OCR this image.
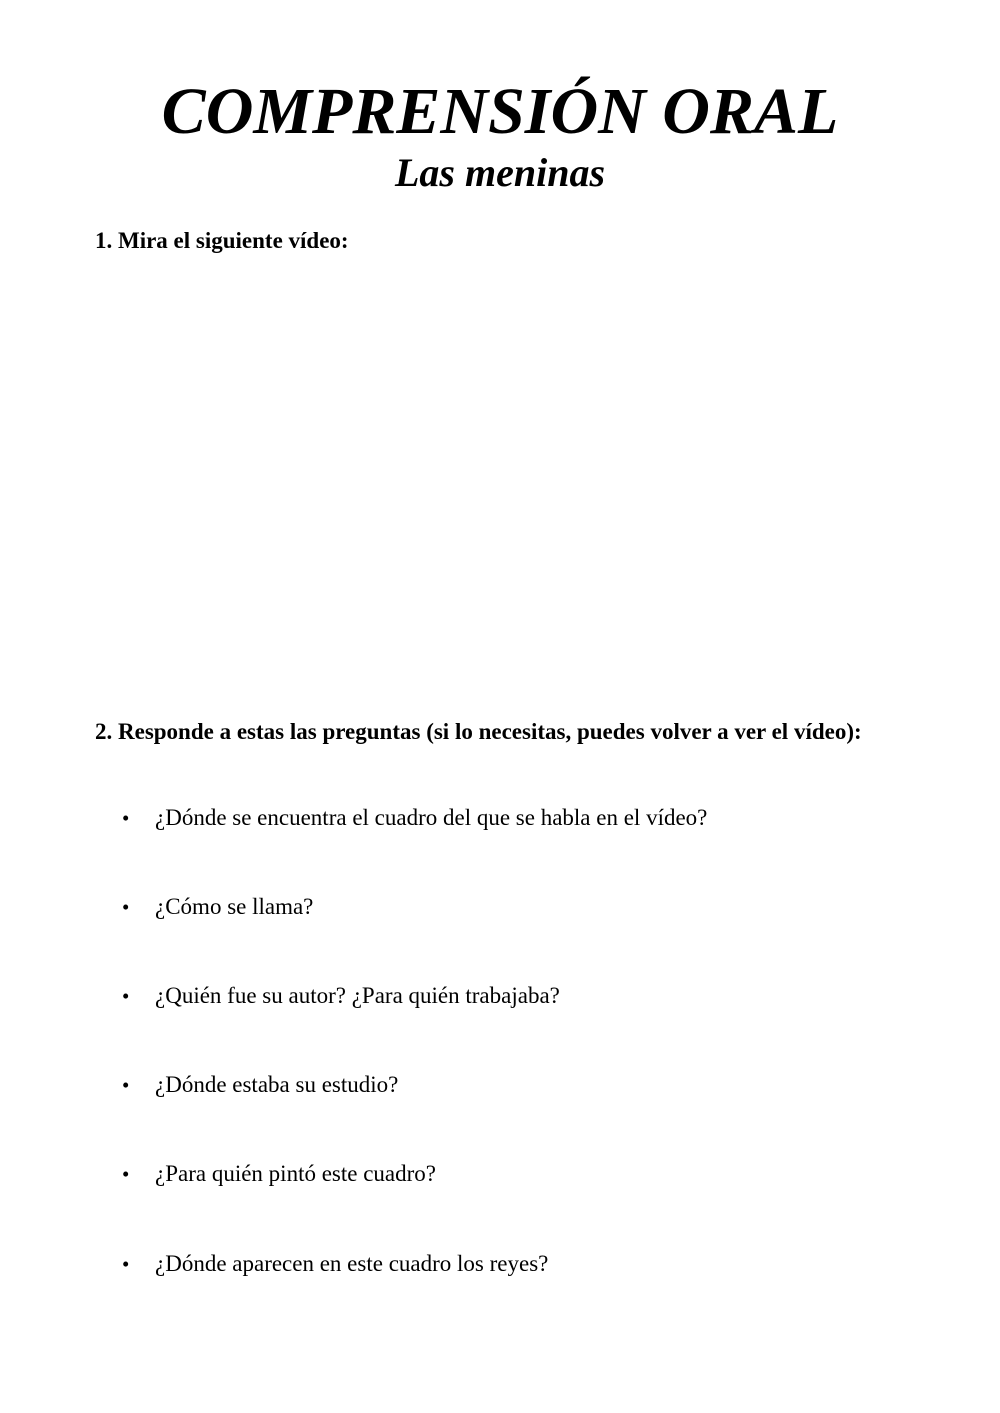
COMPRENSIÓN ORAL
Las meninas

1. Mira el siguiente vídeo:

2. Responde a estas las preguntas (si lo necesitas, puedes volver a ver el vídeo):

• ¿Dónde se encuentra el cuadro del que se habla en el vídeo?
• ¿Cómo se llama?
• ¿Quién fue su autor? ¿Para quién trabajaba?
• ¿Dónde estaba su estudio?
• ¿Para quién pintó este cuadro?
• ¿Dónde aparecen en este cuadro los reyes?
